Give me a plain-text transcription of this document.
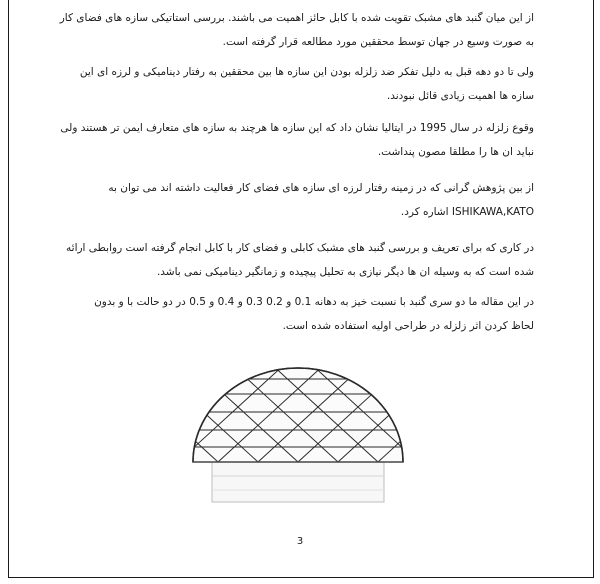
از این میان گنبد های مشبک تقویت شده با کابل حائز اهمیت می باشند. بررسی استاتیکی سازه های فضای کار
به صورت وسیع در جهان توسط محققین مورد مطالعه قرار گرفته است.
ولی تا دو دهه قبل به دلیل تفکر ضد زلزله بودن این سازه ها بین محققین به رفتار دینامیکی و لرزه ای این
سازه ها اهمیت زیادی قائل نبودند.
وقوع زلزله در سال 1995 در ایتالیا نشان داد که این سازه ها هرچند به سازه های متعارف ایمن تر هستند ولی
نباید ان ها را مطلقا مصون پنداشت.
از بین پژوهش گرانی که در زمینه رفتار لرزه ای سازه های فضای کار فعالیت داشته اند می توان به
ISHIKAWA,KATO اشاره کرد.
در کاری که برای تعریف و بررسی گنبد های مشبک کابلی و فضای کار با کابل انجام گرفته است روابطی ارائه
شده است که به وسیله ان ها دیگر نیازی به تحلیل پیچیده و زمانگیر دینامیکی نمی باشد.
در این مقاله ما دو سری گنبد با نسبت خیز به دهانه 0.1 و 0.2 0.3 و 0.4 و 0.5 در دو حالت با و بدون
لحاظ کردن اثر زلزله در طراحی اولیه استفاده شده است.
3
